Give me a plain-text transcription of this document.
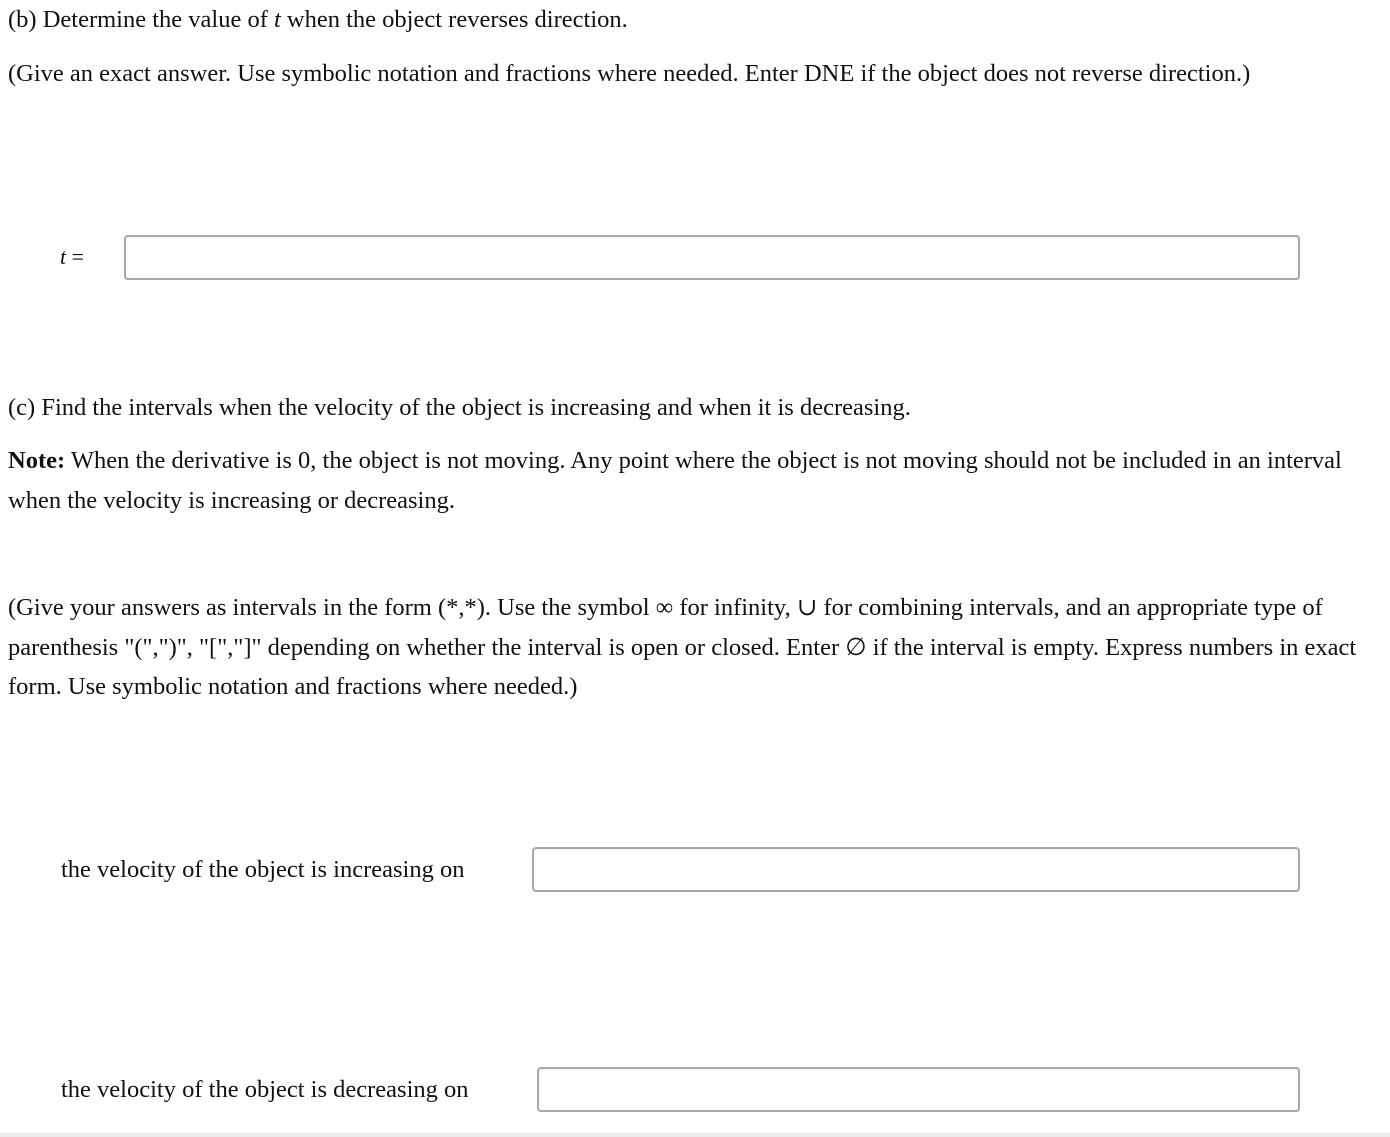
(b) Determine the value of t when the object reverses direction.
(Give an exact answer. Use symbolic notation and fractions where needed. Enter DNE if the object does not reverse direction.)
t =
(c) Find the intervals when the velocity of the object is increasing and when it is decreasing.
Note: When the derivative is 0, the object is not moving. Any point where the object is not moving should not be included in an interval when the velocity is increasing or decreasing.
(Give your answers as intervals in the form (*,*). Use the symbol ∞ for infinity, ∪ for combining intervals, and an appropriate type of parenthesis "(",")", "[","]" depending on whether the interval is open or closed. Enter ∅ if the interval is empty. Express numbers in exact form. Use symbolic notation and fractions where needed.)
the velocity of the object is increasing on
the velocity of the object is decreasing on
